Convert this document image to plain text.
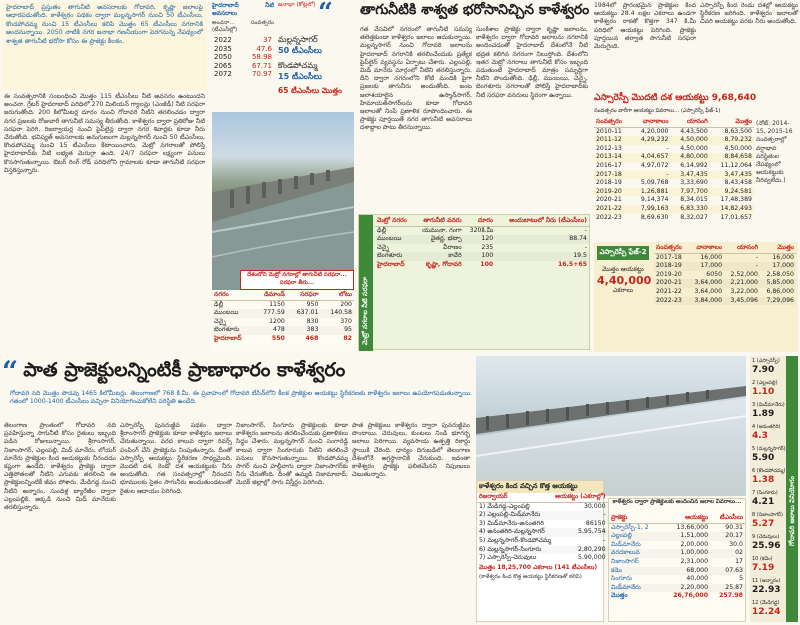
హైదరాబాద్ ప్రస్తుతం తాగునీటి అవసరాలకు గోదావరి, కృష్ణా జలాలపై ఆధారపడుతోంది. కాళేశ్వరం పథకం ద్వారా మల్లన్నసాగర్ నుంచి 50 టీఎంసీలు, కొండపోచమ్మ నుంచి 15 టీఎంసీలు కలిపి మొత్తం 65 టీఎంసీలు నగరానికి అందనున్నాయి. 2050 నాటికి నగర జనాభా గణనీయంగా పెరగనున్న నేపథ్యంలో శాశ్వత తాగునీటి భరోసా కోసం ఈ ప్రాజెక్టు కీలకం.
ఈ సంవత్సరానికి సంబంధించి మొత్తం 115 టీఎంసీలు నీటి అవసరం ఉంటుందని అంచనా. గ్రేటర్ హైదరాబాద్ పరిధిలో 270 మిలియన్ గ్యాలన్లు (ఎంజీడీ) నీటి సరఫరా జరుగుతోంది. 200 కిలోమీటర్ల దూరం నుంచి గోదావరి నీటిని తరలించడం ద్వారా నగర ప్రజలకు రోజువారీ తాగునీటి సమస్య తీరుతోంది. కాళేశ్వరం ద్వారా ప్రతిరోజు నీటి సరఫరా పెరిగి, రిజర్వాయర్ల నుంచి పైప్‌లైన్ల ద్వారా నగర శివార్లకు కూడా నీరు చేరుతోంది. భవిష్యత్ అవసరాలకు అనుగుణంగా మల్లన్నసాగర్ నుంచి 50 టీఎంసీలు, కొండపోచమ్మ నుంచి 15 టీఎంసీలు కేటాయించారు. మెట్రో నగరాలతో పోలిస్తే హైదరాబాద్‌కు నీటి లభ్యత మెరుగ్గా ఉంది. 24/7 సరఫరా లక్ష్యంగా పనులు కొనసాగుతున్నాయి. ఔటర్ రింగ్ రోడ్ పరిధిలోని గ్రామాలకు కూడా తాగునీటి సరఫరా విస్తరిస్తున్నారు.
హైదరాబాద్ నీటి అవసరాలు
అంచనా... సంవత్సరం (టీఎంసీల్లో)
2022	37
2035	47.6
2050	58.98
2065	67.71
2072	70.97
జనాభా (కోట్లలో) “
మల్లన్నసాగర్
50 టీఎంసీలు
కొండపోచమ్మ
15 టీఎంసీలు
65 టీఎంసీలు మొత్తం
దేశంలోని మెట్రో నగరాల్లో తాగునీటి సరఫరా... సరఫరా తీరు...
తాగునీటికి శాశ్వత భరోసానిచ్చిన కాళేశ్వరం
గత వేసవిలో నగరంలో తాగునీటి సమస్య తలెత్తకుండా కాళేశ్వరం జలాలు ఆదుకున్నాయి. మల్లన్నసాగర్ నుంచి గోదావరి జలాలను హైదరాబాద్ నగరానికి తరలించేందుకు ప్రత్యేక పైప్‌లైన్ వ్యవస్థను ఏర్పాటు చేశారు. ఎల్లంపల్లి, మిడ్ మానేరు మార్గంలో నీటిని తరలిస్తున్నారు. దీని ద్వారా నగరంలోని కోటి మందికి పైగా ప్రజలకు తాగునీరు అందుతోంది. జంట జలాశయాలైన ఉస్మాన్‌సాగర్, హిమాయత్‌సాగర్‌లను కూడా గోదావరి జలాలతో నింపే ప్రణాళిక రూపొందించారు. ఈ ప్రాజెక్టు పూర్తయితే నగర తాగునీటి అవసరాలు దశాబ్దాల పాటు తీరనున్నాయి.
సుంకిశాల ప్రాజెక్టు ద్వారా కృష్ణా జలాలను, కాళేశ్వరం ద్వారా గోదావరి జలాలను నగరానికి అందించడంతో హైదరాబాద్ దేశంలోనే నీటి భద్రత కలిగిన నగరంగా నిలుస్తోంది. దేశంలోని ఇతర మెట్రో నగరాలు తాగునీటి కోసం ఇబ్బంది పడుతుంటే హైదరాబాద్ మాత్రం సమృద్ధిగా నీటిని పొందుతోంది. ఢిల్లీ, ముంబయి, చెన్నై, బెంగళూరు నగరాలతో పోలిస్తే హైదరాబాద్‌కు నీటి సరఫరా వనరులు స్థిరంగా ఉన్నాయి.
నగరం	డిమాండ్	సరఫరా	లోటు
ఢిల్లీ	1150	950	200
ముంబయి	777.59	637.01	140.58
చెన్నై	1200	830	370
బెంగళూరు	478	383	95
హైదరాబాద్	550	468	82 మెట్రో నగరాల నీటి సరఫరా
మెట్రో నగరం	తాగునీటి వనరు	దూరం	అందుబాటులో నీరు (టీఎంసీలు)
ఢిల్లీ	యమునా, గంగా	320కి.మీ	-
ముంబయి	వైతర్ణ, భట్సా	120	88.74
చెన్నై	వీరాణం	235	-
బెంగళూరు	కావేరి	100	19.5
హైదరాబాద్	కృష్ణా, గోదావరి	100	16.5+65
1984లో ప్రారంభమైన ప్రాజెక్టుల కింద ఆయకట్టు 28.4 లక్షల ఎకరాలు ఉండగా కాళేశ్వరం రాకతో కొత్తగా 347 కి.మీ పరిధిలో ఆయకట్టు పెరిగింది. ప్రాజెక్టు పూర్తయిన తర్వాత సాగునీటి సరఫరా మెరుగైంది.
ఎస్సారెస్పీ కింద రెండు దశల్లో ఆయకట్టు స్థిరీకరణ జరిగింది. కాళేశ్వరం జలాలతో చివరి ఆయకట్టు వరకు నీరు అందుతోంది.
ఎస్సారెస్పీ మొదటి దశ ఆయకట్టు 9,68,640
సంవత్సరం వారీగా ఆయకట్టు వివరాలు... (ఎస్సారెస్పీ ఫేజ్-1)
సంవత్సరం	వానాకాలం	యాసంగి	మొత్తం
2010-11	4,20,000	4,43,500	8,63,500
2011-12	4,29,232	4,50,000	8,79,232
2012-13	-	4,50,000	4,50,000
2013-14	4,04,657	4,80,000	8,84,658
2016-17	4,97,072	6,14,992	11,12,064
2017-18	-	3,47,435	3,47,435
2018-19	5,09,768	3,33,690	8,43,458
2019-20	1,26,881	7,97,700	9,24,581
2020-21	9,14,374	8,34,015	17,48,389
2021-22	7,99,163	6,83,330	14,82,493
2022-23	8,69,630	8,32,027	17,01,657
(నోట్: 2014-15, 2015-16 సంవత్సరాల్లో వర్షాభావ పరిస్థితుల నేపథ్యంలో ఆయకట్టుకు నీరివ్వలేదు.)
ఎస్సారెస్పీ ఫేజ్-2
మొత్తం ఆయకట్టు
4,40,000
ఎకరాలు
సంవత్సరం	వానాకాలం	యాసంగి	మొత్తం
2017-18	16,000	-	16,000
2018-19	17,000	-	17,000
2019-20	6050	2,52,000	2,58,050
2020-21	3,64,000	2,21,000	5,85,000
2021-22	3,64,000	3,22,000	6,86,000
2022-23	3,84,000	3,45,096	7,29,096
“ పాత ప్రాజెక్టులన్నింటికీ ప్రాణాధారం కాళేశ్వరం
గోదావరి నది మొత్తం పొడవు 1465 కిలోమీటర్లు. తెలంగాణలో 768 కి.మీ. ఈ ప్రవాహంలో గోదావరి బేసిన్‌లోని కీలక ప్రాజెక్టుల ఆయకట్టు స్థిరీకరణకు కాళేశ్వరం జలాలు ఉపయోగపడుతున్నాయి. గతంలో 1000-1400 టీఎంసీలు వచ్చినా వినియోగించుకోలేని పరిస్థితి ఉండేది.
తెలంగాణ ప్రాంతంలో గోదావరి నది ప్రవహిస్తున్నా సాగునీటి కోసం రైతులు ఇబ్బంది పడిన రోజులున్నాయి. శ్రీరాంసాగర్, నిజాంసాగర్, ఎల్లంపల్లి, మిడ్ మానేరు, లోయర్ మానేరు ప్రాజెక్టుల కింద ఆయకట్టుకు నీరందడం కష్టంగా ఉండేది. కాళేశ్వరం ప్రాజెక్టు ద్వారా ఎత్తిపోతలతో నీటిని ఎగువకు తరలించి ఈ ప్రాజెక్టులన్నింటికీ జీవం పోశారు. మేడిగడ్డ నుంచి నీటిని అన్నారం, సుందిళ్ల బ్యారేజీల ద్వారా ఎల్లంపల్లికి, అక్కడి నుంచి మిడ్ మానేరుకు తరలిస్తున్నారు.
ఎస్సారెస్పీ పునరుజ్జీవ పథకం ద్వారా శ్రీరాంసాగర్ ప్రాజెక్టుకు కూడా కాళేశ్వరం జలాలు చేరుతున్నాయి. వరద కాలువ ద్వారా రివర్స్ పంపింగ్ చేసి ప్రాజెక్టును నింపుతున్నారు. దీంతో ఎస్సారెస్పీ ఆయకట్టు స్థిరీకరణ సాధ్యమైంది. మొదటి దశ, రెండో దశ ఆయకట్టుకు నీరు అందుతోంది. గత సంవత్సరాల్లో నీరందని భూములకు సైతం సాగునీరు అందుతుండటంతో రైతుల ఆదాయం పెరిగింది.
నిజాంసాగర్, సింగూరు ప్రాజెక్టులకు కూడా కాళేశ్వరం జలాలను తరలించేందుకు ప్రణాళికలు సిద్ధం చేశారు. మల్లన్నసాగర్ నుంచి సంగారెడ్డి కాలువ ద్వారా సింగూరుకు నీటిని తరలించే పనులు కొనసాగుతున్నాయి. కొండపోచమ్మ సాగర్ నుంచి హల్దీవాగు ద్వారా నిజాంసాగర్‌కు నీరు చేరుతోంది. దీంతో ఉమ్మడి నిజామాబాద్, మెదక్ జిల్లాల్లో సాగు విస్తీర్ణం పెరిగింది.
పాత ప్రాజెక్టులు కాళేశ్వరం ద్వారా పునరుజ్జీవం పొందాయి. చెరువులు, కుంటలు నిండి భూగర్భ జలాలు పెరిగాయి. వ్యవసాయ ఉత్పత్తి రికార్డు స్థాయికి చేరింది. ధాన్యం దిగుబడిలో తెలంగాణ దేశంలోనే అగ్రస్థానానికి చేరుకుంది. ఇదంతా కాళేశ్వరం ప్రాజెక్టు ఫలితమేనని నిపుణులు చెబుతున్నారు.
కాళేశ్వరం కింద వచ్చిన కొత్త ఆయకట్టు
రిజర్వాయర్	ఆయకట్టు (ఎకరాల్లో)
1) మేడిగడ్డ-ఎల్లంపల్లి	30,000
2) ఎల్లంపల్లి-మిడ్‌మానేరు	-
3) మిడ్‌మానేరు-అనంతగిరి	86150
4) అనంతగిరి-మల్లన్నసాగర్	5,95,754
5) మల్లన్నసాగర్-కొండపోచమ్మ	-
6) మల్లన్నసాగర్-సింగూరు	2,80,290
7) ఎస్సారెస్పీ-చెరువులు	5,90,000
మొత్తం 18,25,700 ఎకరాలు (141 టీఎంసీలు)
(కాళేశ్వరం కింద కొత్త ఆయకట్టు స్థిరీకరణతో కలిపి)
కాళేశ్వరం ద్వారా ప్రాజెక్టులకు అందించిన జలాల వివరాలు...
ప్రాజెక్టు	ఆయకట్టు	టీఎంసీలు
ఎస్సారెస్పీ-1, 2	13,66,000	90.31
ఎల్లంపల్లి	1,51,000	20.17
మిడ్‌మానేరు	2,00,000	30.0
వరదకాలువ	1,00,000	02
నిజాంసాగర్	2,31,000	17
కడెం	68,000	07.63
సింగూరు	40,000	5
మిడ్‌మానేరు	2,20,000	25.87
మొత్తం	26,76,000	257.98
1 (ఎస్సారెస్పీ)
7.90
2 (ఎల్లంపల్లి)
1.10
3 (మిడ్‌మానేరు)
1.89
4 (అనంతగిరి)
4.3
5 (మల్లన్నసాగర్)
5.90
6 (కొండపోచమ్మ)
1.38
7 (సింగూరు)
4.21
8 (నిజాంసాగర్)
5.27
9 (చెరువులు)
25.96
10 (కడెం)
7.19
11 (అన్నారం)
22.93
12 (మేడిగడ్డ)
12.24
గోదావరి జలాలు వినియోగం
